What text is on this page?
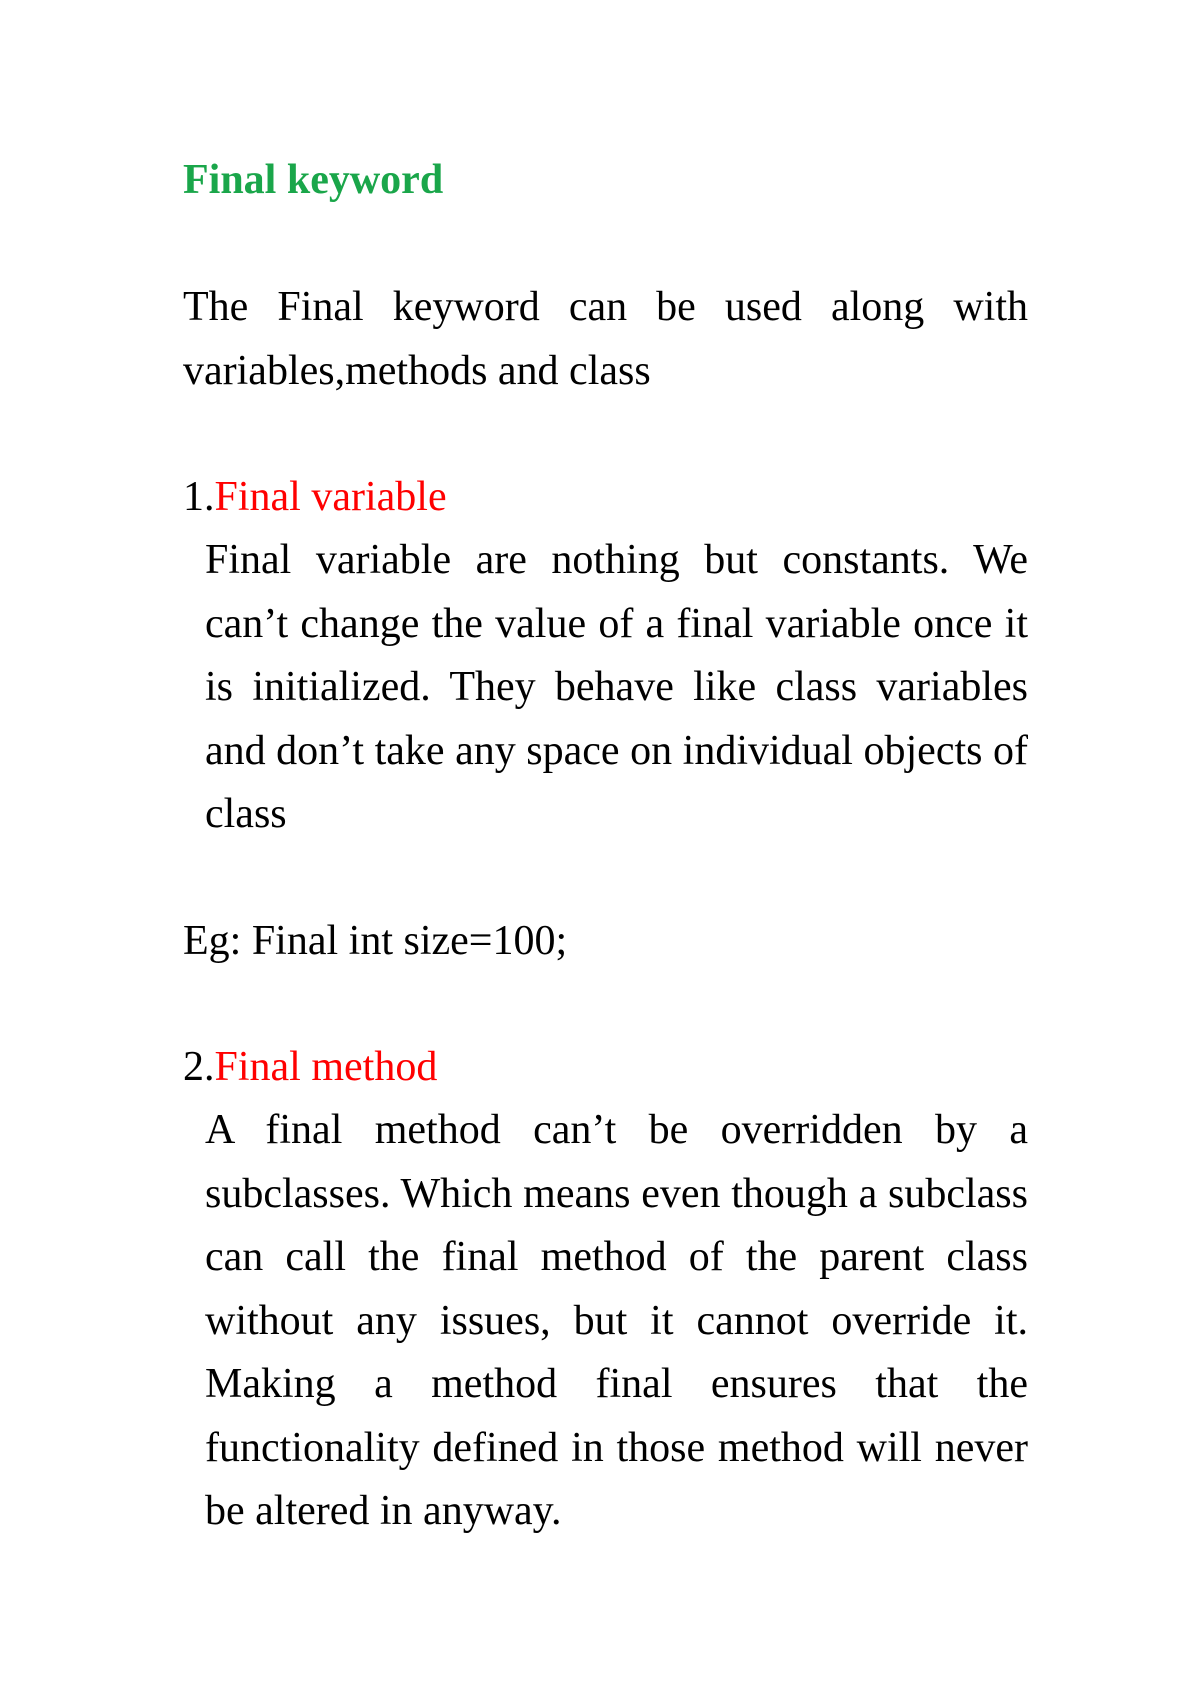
Final keyword

The Final keyword can be used along with variables,methods and class

1.Final variable

Final variable are nothing but constants. We can’t change the value of a final variable once it is initialized. They behave like class variables and don’t take any space on individual objects of class

Eg: Final int size=100;
2.Final method

A final method can’t be overridden by a subclasses. Which means even though a subclass can call the final method of the parent class without any issues, but it cannot override it. Making a method final ensures that the functionality defined in those method will never be altered in anyway.
